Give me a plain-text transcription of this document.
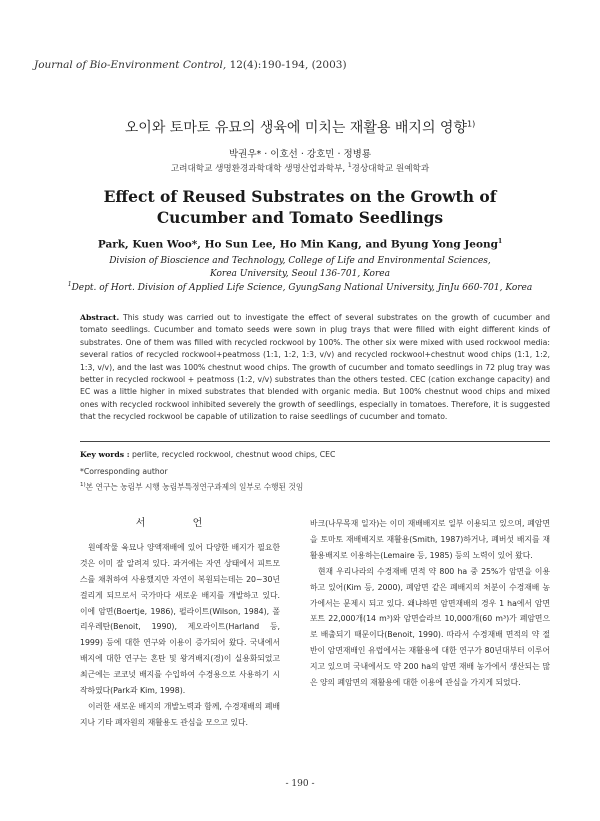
Journal of Bio-Environment Control, 12(4):190-194, (2003)
오이와 토마토 유묘의 생육에 미치는 재활용 배지의 영향$^{1)}$
박권우* · 이호선 · 강호민 · 정병룡
고려대학교 생명환경과학대학 생명산업과학부, $^1$경상대학교 원예학과
Effect of Reused Substrates on the Growth of
Cucumber and Tomato Seedlings
Park, Kuen Woo*, Ho Sun Lee, Ho Min Kang, and Byung Yong Jeong$^1$
Division of Bioscience and Technology, College of Life and Environmental Sciences,
Korea University, Seoul 136-701, Korea
$^1$Dept. of Hort. Division of Applied Life Science, GyungSang National University, JinJu 660-701, Korea
Abstract. This study was carried out to investigate the effect of several substrates on the growth of cucumber and tomato seedlings. Cucumber and tomato seeds were sown in plug trays that were filled with eight different kinds of substrates. One of them was filled with recycled rockwool by 100%. The other six were mixed with used rockwool media: several ratios of recycled rockwool+peatmoss (1:1, 1:2, 1:3, v/v) and recycled rockwool+chestnut wood chips (1:1, 1:2, 1:3, v/v), and the last was 100% chestnut wood chips. The growth of cucumber and tomato seedlings in 72 plug tray was better in recycled rockwool + peatmoss (1:2, v/v) substrates than the others tested. CEC (cation exchange capacity) and EC was a little higher in mixed substrates that blended with organic media. But 100% chestnut wood chips and mixed ones with recycled rockwool inhibited severely the growth of seedlings, especially in tomatoes. Therefore, it is suggested that the recycled rockwool be capable of utilization to raise seedlings of cucumber and tomato.
Key words : perlite, recycled rockwool, chestnut wood chips, CEC
*Corresponding author
$^{1)}$본 연구는 농림부 시행 농림부특정연구과제의 일부로 수행된 것임
서 언

원예작물 육묘나 양액재배에 있어 다양한 배지가 필요한 것은 이미 잘 알려져 있다. 과거에는 자연 상태에서 피트모스를 채취하여 사용했지만 자연이 복원되는데는 20~30년 걸리게 되므로서 국가마다 새로운 배지를 개발하고 있다. 이에 암면(Boertje, 1986), 펄라이트(Wilson, 1984), 폴리우레탄(Benoit, 1990), 제오라이트(Harland 등, 1999) 등에 대한 연구와 이용이 증가되어 왔다. 국내에서 배지에 대한 연구는 혼탄 및 왕겨배지(경)이 실용화되었고 최근에는 코코넛 배지를 수입하여 수경용으로 사용하기 시작하였다(Park과 Kim, 1998).

이러한 새로운 배지의 개발노력과 함께, 수경재배의 폐배지나 기타 폐자원의 재활용도 관심을 모으고 있다.

바크(나무목재 일자)는 이미 재배배지로 일부 이용되고 있으며, 폐암면을 토마토 재배배지로 재활용(Smith, 1987)하거나, 폐버섯 배지를 재활용배지로 이용하는(Lemaire 등, 1985) 등의 노력이 있어 왔다.

현재 우리나라의 수경재배 면적 약 800 ha 중 25%가 암면을 이용하고 있어(Kim 등, 2000), 폐암면 같은 폐배지의 처분이 수경재배 농가에서는 문제시 되고 있다. 왜냐하면 암면재배의 경우 1 ha에서 암면포트 22,000개(14 m³)와 암면슬라브 10,000개(60 m³)가 폐암면으로 배출되기 때문이다(Benoit, 1990). 따라서 수경재배 면적의 약 절반이 암면재배인 유럽에서는 재활용에 대한 연구가 80년대부터 이루어지고 있으며 국내에서도 약 200 ha의 암면 재배 농가에서 생산되는 많은 양의 폐암면의 재활용에 대한 이용에 관심을 가지게 되었다.

- 190 -
